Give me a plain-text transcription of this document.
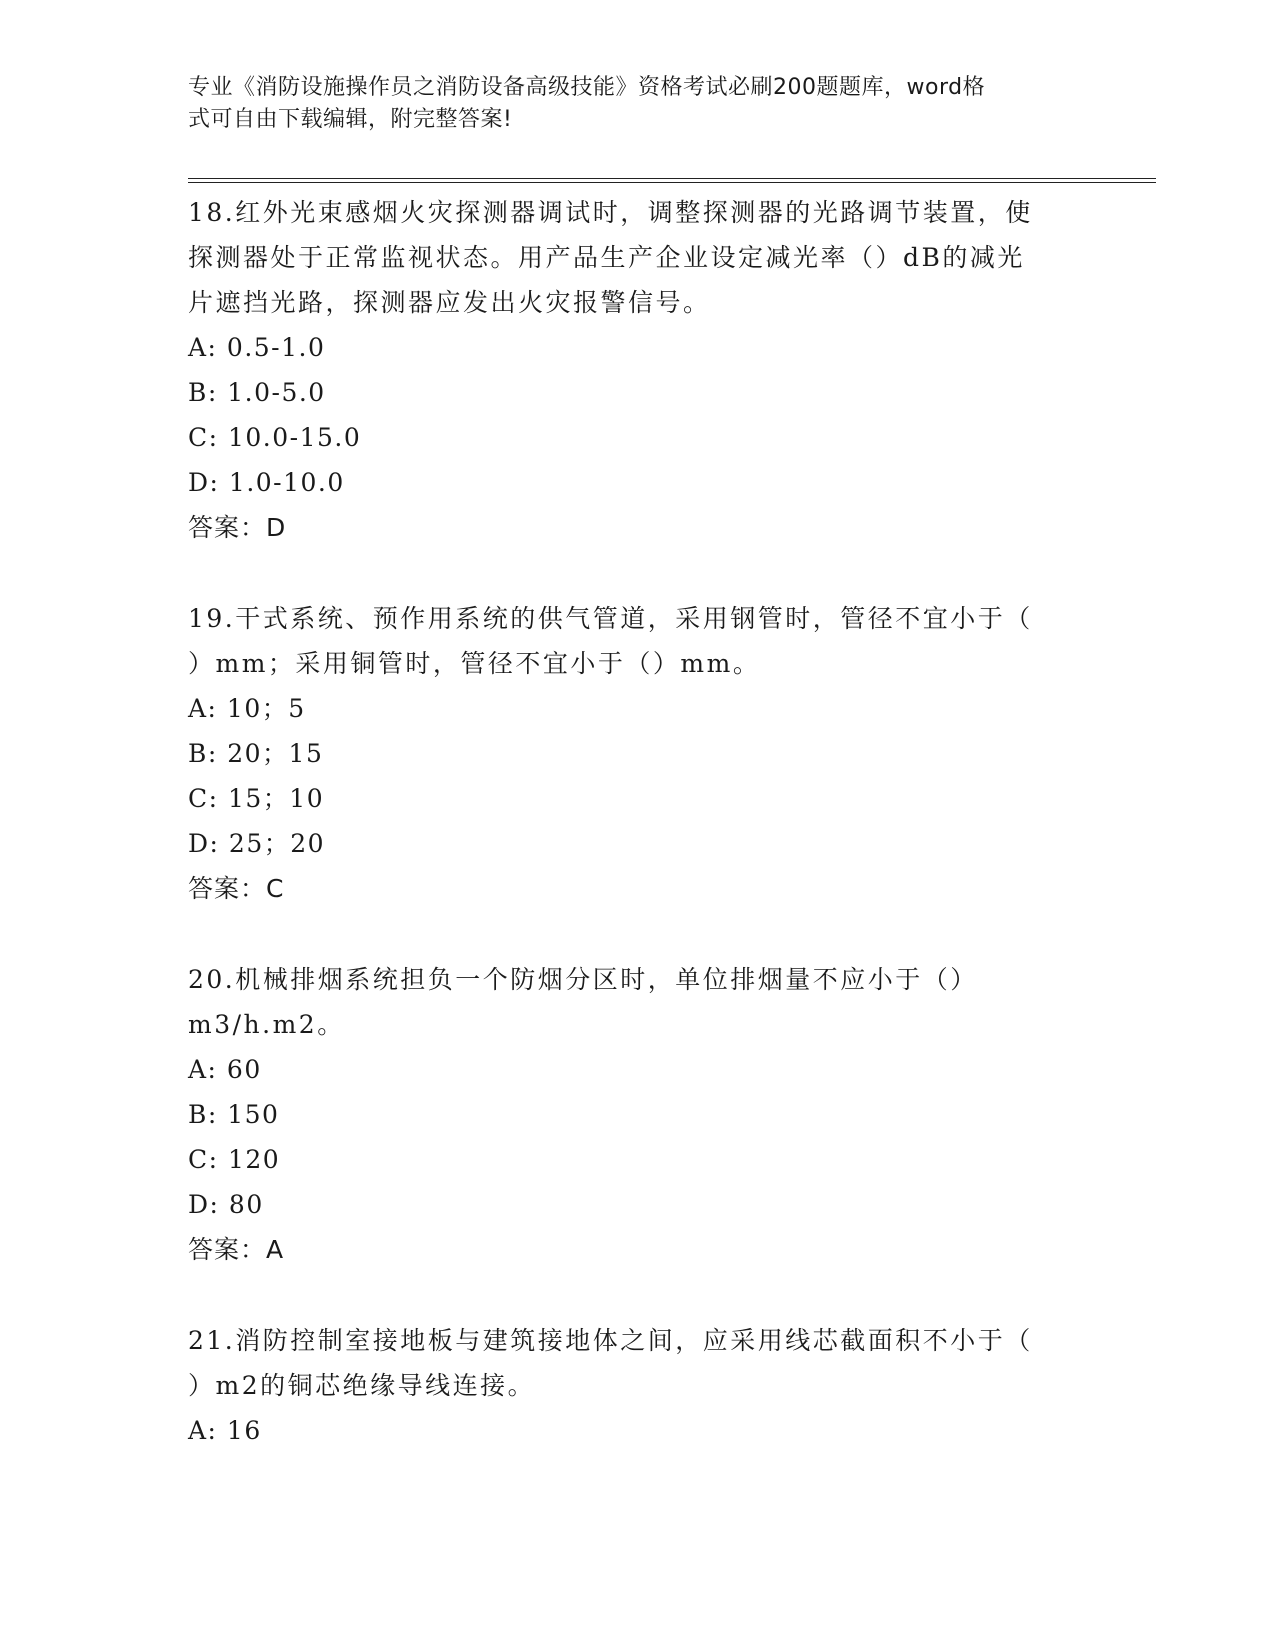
专业《消防设施操作员之消防设备高级技能》资格考试必刷200题题库，word格
式可自由下载编辑，附完整答案!

18.红外光束感烟火灾探测器调试时，调整探测器的光路调节装置，使

探测器处于正常监视状态。用产品生产企业设定减光率（）dB的减光

片遮挡光路，探测器应发出火灾报警信号。

A: 0.5-1.0

B: 1.0-5.0

C: 10.0-15.0

D: 1.0-10.0

答案：D

19.干式系统、预作用系统的供气管道，采用钢管时，管径不宜小于（

）mm；采用铜管时，管径不宜小于（）mm。

A: 10；5

B: 20；15

C: 15；10

D: 25；20

答案：C

20.机械排烟系统担负一个防烟分区时，单位排烟量不应小于（）

m3/h.m2。

A: 60

B: 150

C: 120

D: 80

答案：A

21.消防控制室接地板与建筑接地体之间，应采用线芯截面积不小于（

）m2的铜芯绝缘导线连接。

A: 16
